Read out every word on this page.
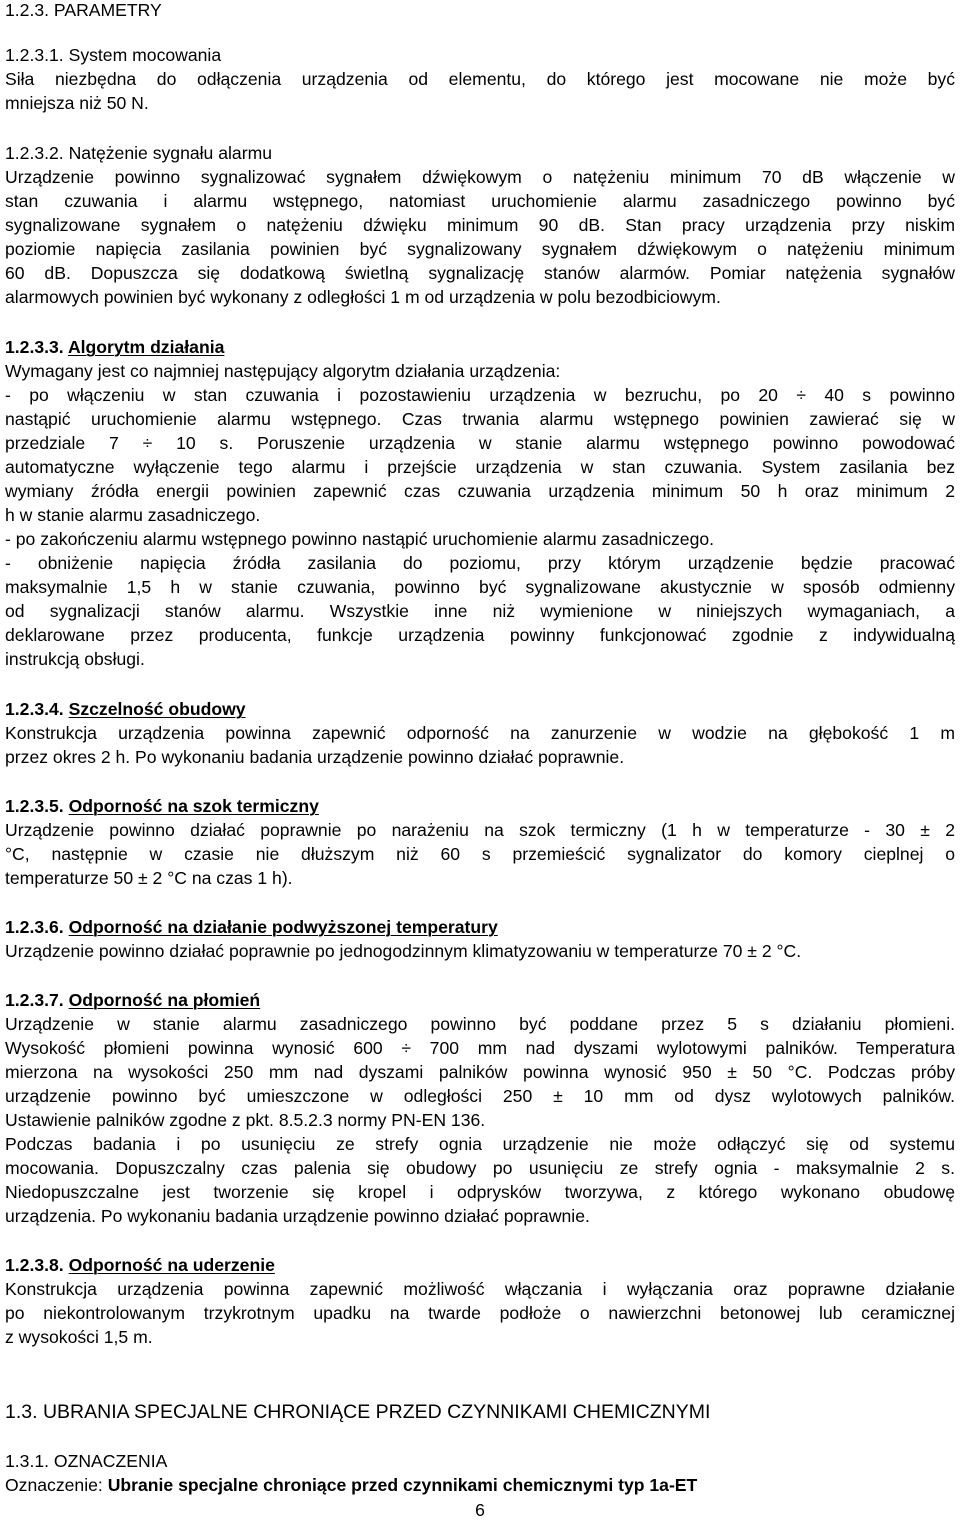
1.2.3. PARAMETRY
1.2.3.1. System mocowania
Siła niezbędna do odłączenia urządzenia od elementu, do którego jest mocowane nie może być
mniejsza niż 50 N.
1.2.3.2. Natężenie sygnału alarmu
Urządzenie powinno sygnalizować sygnałem dźwiękowym o natężeniu minimum 70 dB włączenie w
stan czuwania i alarmu wstępnego, natomiast uruchomienie alarmu zasadniczego powinno być
sygnalizowane sygnałem o natężeniu dźwięku minimum 90 dB. Stan pracy urządzenia przy niskim
poziomie napięcia zasilania powinien być sygnalizowany sygnałem dźwiękowym o natężeniu minimum
60 dB. Dopuszcza się dodatkową świetlną sygnalizację stanów alarmów. Pomiar natężenia sygnałów
alarmowych powinien być wykonany z odległości 1 m od urządzenia w polu bezodbiciowym.
1.2.3.3. Algorytm działania
Wymagany jest co najmniej następujący algorytm działania urządzenia:
- po włączeniu w stan czuwania i pozostawieniu urządzenia w bezruchu, po 20 ÷ 40 s powinno
nastąpić uruchomienie alarmu wstępnego. Czas trwania alarmu wstępnego powinien zawierać się w
przedziale 7 ÷ 10 s. Poruszenie urządzenia w stanie alarmu wstępnego powinno powodować
automatyczne wyłączenie tego alarmu i przejście urządzenia w stan czuwania. System zasilania bez
wymiany źródła energii powinien zapewnić czas czuwania urządzenia minimum 50 h oraz minimum 2
h w stanie alarmu zasadniczego.
- po zakończeniu alarmu wstępnego powinno nastąpić uruchomienie alarmu zasadniczego.
- obniżenie napięcia źródła zasilania do poziomu, przy którym urządzenie będzie pracować
maksymalnie 1,5 h w stanie czuwania, powinno być sygnalizowane akustycznie w sposób odmienny
od sygnalizacji stanów alarmu. Wszystkie inne niż wymienione w niniejszych wymaganiach, a
deklarowane przez producenta, funkcje urządzenia powinny funkcjonować zgodnie z indywidualną
instrukcją obsługi.
1.2.3.4. Szczelność obudowy
Konstrukcja urządzenia powinna zapewnić odporność na zanurzenie w wodzie na głębokość 1 m
przez okres 2 h. Po wykonaniu badania urządzenie powinno działać poprawnie.
1.2.3.5. Odporność na szok termiczny
Urządzenie powinno działać poprawnie po narażeniu na szok termiczny (1 h w temperaturze - 30 ± 2
°C, następnie w czasie nie dłuższym niż 60 s przemieścić sygnalizator do komory cieplnej o
temperaturze 50 ± 2 °C na czas 1 h).
1.2.3.6. Odporność na działanie podwyższonej temperatury
Urządzenie powinno działać poprawnie po jednogodzinnym klimatyzowaniu w temperaturze 70 ± 2 °C.
1.2.3.7. Odporność na płomień
Urządzenie w stanie alarmu zasadniczego powinno być poddane przez 5 s działaniu płomieni.
Wysokość płomieni powinna wynosić 600 ÷ 700 mm nad dyszami wylotowymi palników. Temperatura
mierzona na wysokości 250 mm nad dyszami palników powinna wynosić 950 ± 50 °C. Podczas próby
urządzenie powinno być umieszczone w odległości 250 ± 10 mm od dysz wylotowych palników.
Ustawienie palników zgodne z pkt. 8.5.2.3 normy PN-EN 136.
Podczas badania i po usunięciu ze strefy ognia urządzenie nie może odłączyć się od systemu
mocowania. Dopuszczalny czas palenia się obudowy po usunięciu ze strefy ognia - maksymalnie 2 s.
Niedopuszczalne jest tworzenie się kropel i odprysków tworzywa, z którego wykonano obudowę
urządzenia. Po wykonaniu badania urządzenie powinno działać poprawnie.
1.2.3.8. Odporność na uderzenie
Konstrukcja urządzenia powinna zapewnić możliwość włączania i wyłączania oraz poprawne działanie
po niekontrolowanym trzykrotnym upadku na twarde podłoże o nawierzchni betonowej lub ceramicznej
z wysokości 1,5 m.
1.3. UBRANIA SPECJALNE CHRONIĄCE PRZED CZYNNIKAMI CHEMICZNYMI
1.3.1. OZNACZENIA
Oznaczenie: Ubranie specjalne chroniące przed czynnikami chemicznymi typ 1a-ET
6
